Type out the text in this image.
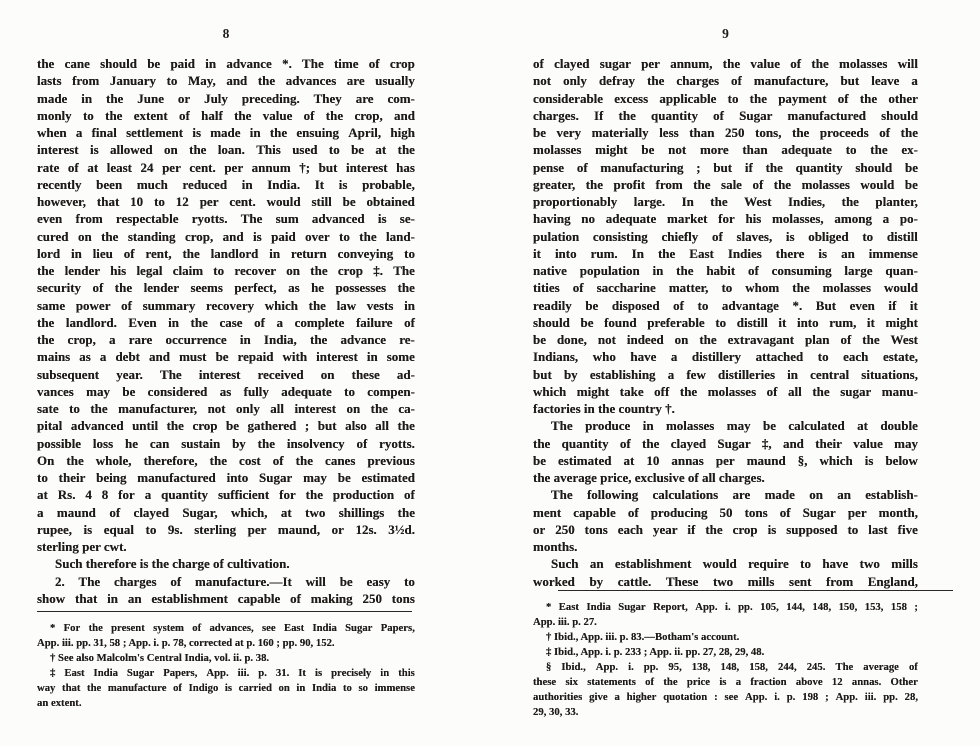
8
the cane should be paid in advance *. The time of crop
lasts from January to May, and the advances are usually
made in the June or July preceding. They are com-
monly to the extent of half the value of the crop, and
when a final settlement is made in the ensuing April, high
interest is allowed on the loan. This used to be at the
rate of at least 24 per cent. per annum †; but interest has
recently been much reduced in India. It is probable,
however, that 10 to 12 per cent. would still be obtained
even from respectable ryotts. The sum advanced is se-
cured on the standing crop, and is paid over to the land-
lord in lieu of rent, the landlord in return conveying to
the lender his legal claim to recover on the crop ‡. The
security of the lender seems perfect, as he possesses the
same power of summary recovery which the law vests in
the landlord. Even in the case of a complete failure of
the crop, a rare occurrence in India, the advance re-
mains as a debt and must be repaid with interest in some
subsequent year. The interest received on these ad-
vances may be considered as fully adequate to compen-
sate to the manufacturer, not only all interest on the ca-
pital advanced until the crop be gathered ; but also all the
possible loss he can sustain by the insolvency of ryotts.
On the whole, therefore, the cost of the canes previous
to their being manufactured into Sugar may be estimated
at Rs. 4 8 for a quantity sufficient for the production of
a maund of clayed Sugar, which, at two shillings the
rupee, is equal to 9s. sterling per maund, or 12s. 3½d.
sterling per cwt.
Such therefore is the charge of cultivation.
2. The charges of manufacture.—It will be easy to
show that in an establishment capable of making 250 tons
* For the present system of advances, see East India Sugar Papers,
App. iii. pp. 31, 58 ; App. i. p. 78, corrected at p. 160 ; pp. 90, 152.
† See also Malcolm's Central India, vol. ii. p. 38.
‡ East India Sugar Papers, App. iii. p. 31. It is precisely in this
way that the manufacture of Indigo is carried on in India to so immense
an extent.
9
of clayed sugar per annum, the value of the molasses will
not only defray the charges of manufacture, but leave a
considerable excess applicable to the payment of the other
charges. If the quantity of Sugar manufactured should
be very materially less than 250 tons, the proceeds of the
molasses might be not more than adequate to the ex-
pense of manufacturing ; but if the quantity should be
greater, the profit from the sale of the molasses would be
proportionably large. In the West Indies, the planter,
having no adequate market for his molasses, among a po-
pulation consisting chiefly of slaves, is obliged to distill
it into rum. In the East Indies there is an immense
native population in the habit of consuming large quan-
tities of saccharine matter, to whom the molasses would
readily be disposed of to advantage *. But even if it
should be found preferable to distill it into rum, it might
be done, not indeed on the extravagant plan of the West
Indians, who have a distillery attached to each estate,
but by establishing a few distilleries in central situations,
which might take off the molasses of all the sugar manu-
factories in the country †.
The produce in molasses may be calculated at double
the quantity of the clayed Sugar ‡, and their value may
be estimated at 10 annas per maund §, which is below
the average price, exclusive of all charges.
The following calculations are made on an establish-
ment capable of producing 50 tons of Sugar per month,
or 250 tons each year if the crop is supposed to last five
months.
Such an establishment would require to have two mills
worked by cattle. These two mills sent from England,
* East India Sugar Report, App. i. pp. 105, 144, 148, 150, 153, 158 ;
App. iii. p. 27.
† Ibid., App. iii. p. 83.—Botham's account.
‡ Ibid., App. i. p. 233 ; App. ii. pp. 27, 28, 29, 48.
§ Ibid., App. i. pp. 95, 138, 148, 158, 244, 245. The average of
these six statements of the price is a fraction above 12 annas. Other
authorities give a higher quotation : see App. i. p. 198 ; App. iii. pp. 28,
29, 30, 33.
